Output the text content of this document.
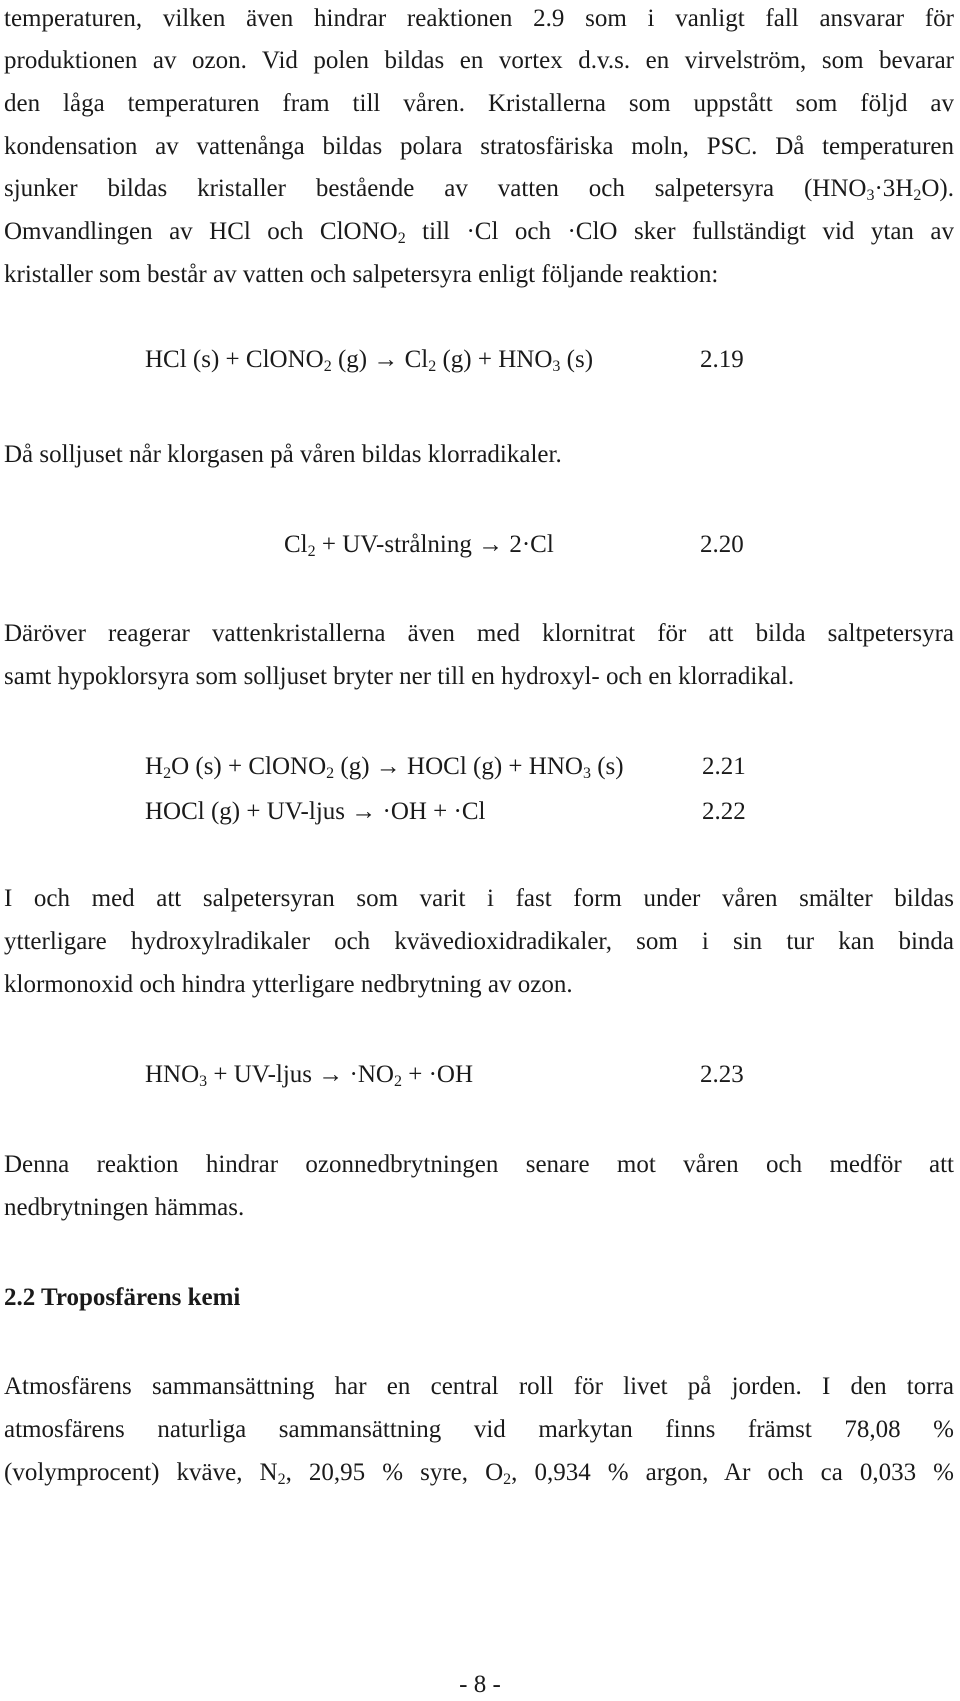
temperaturen, vilken även hindrar reaktionen 2.9 som i vanligt fall ansvarar för
produktionen av ozon. Vid polen bildas en vortex d.v.s. en virvelström, som bevarar
den låga temperaturen fram till våren. Kristallerna som uppstått som följd av
kondensation av vattenånga bildas polara stratosfäriska moln, PSC. Då temperaturen
sjunker bildas kristaller bestående av vatten och salpetersyra $(HNO_3\cdot 3H_2O)$.
Omvandlingen av HCl och ClONO$_2$ till ·Cl och ·ClO sker fullständigt vid ytan av
kristaller som består av vatten och salpetersyra enligt följande reaktion:
HCl (s) + ClONO$_2$ $(g) \to Cl_2$ $(g) + HNO_3$ (s)	2.19
Då solljuset når klorgasen på våren bildas klorradikaler.
$Cl_2$ + UV-strålning → 2·Cl	2.20
Däröver reagerar vattenkristallerna även med klornitrat för att bilda saltpetersyra
samt hypoklorsyra som solljuset bryter ner till en hydroxyl- och en klorradikal.
$H_2O$ (s) + ClONO$_2$ (g) → HOCl $(g) + HNO_3$ (s)	2.21
HOCl (g) + UV-ljus → ·OH + ·Cl	2.22
I och med att salpetersyran som varit i fast form under våren smälter bildas
ytterligare hydroxylradikaler och kvävedioxidradikaler, som i sin tur kan binda
klormonoxid och hindra ytterligare nedbrytning av ozon.
$HNO_3$ + UV-ljus → $\cdot NO_2 + \cdot OH$	2.23
Denna reaktion hindrar ozonnedbrytningen senare mot våren och medför att
nedbrytningen hämmas.
2.2 Troposfärens kemi
Atmosfärens sammansättning har en central roll för livet på jorden. I den torra
atmosfärens naturliga sammansättning vid markytan finns främst 78,08 %
(volymprocent) kväve, $N_2$, 20,95 % syre, $O_2$, 0,934 % argon, Ar och ca 0,033 %
- 8 -
